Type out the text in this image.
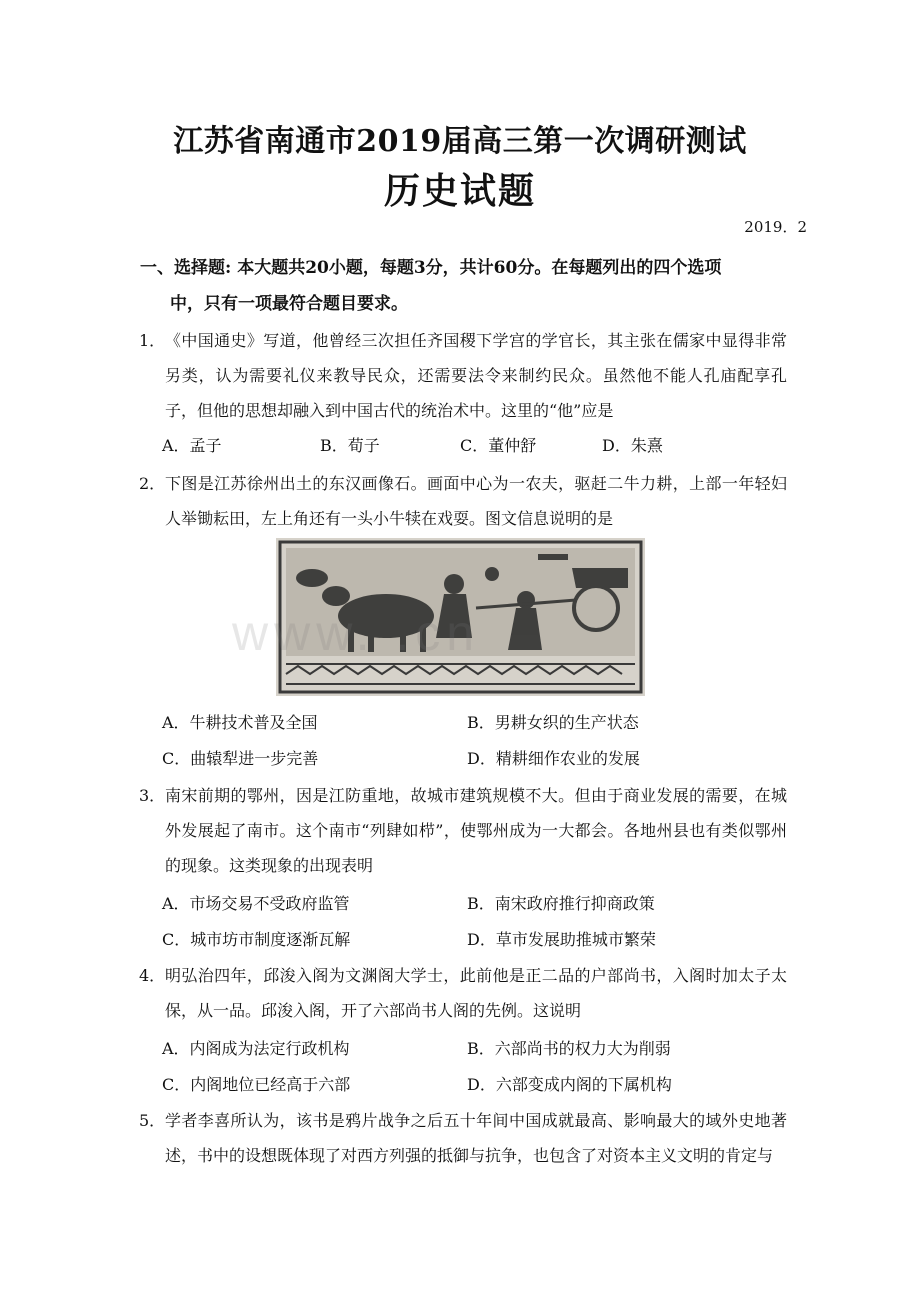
江苏省南通市2019届高三第一次调研测试
历史试题
2019．2
一、选择题: 本大题共20小题，每题3分，共计60分。在每题列出的四个选项
中，只有一项最符合题目要求。
1． 《中国通史》写道，他曾经三次担任齐国稷下学宫的学官长，其主张在儒家中显得非常另类，认为需要礼仪来教导民众，还需要法令来制约民众。虽然他不能人孔庙配享孔子，但他的思想却融入到中国古代的统治术中。这里的“他”应是
A．孟子	B．荀子	C．董仲舒	D．朱熹
2． 下图是江苏徐州出土的东汉画像石。画面中心为一农夫，驱赶二牛力耕，上部一年轻妇人举锄耘田，左上角还有一头小牛犊在戏耍。图文信息说明的是
www. .cn
A．牛耕技术普及全国	B．男耕女织的生产状态
C．曲辕犁进一步完善	D．精耕细作农业的发展
3． 南宋前期的鄂州，因是江防重地，故城市建筑规模不大。但由于商业发展的需要，在城外发展起了南市。这个南市“列肆如栉”，使鄂州成为一大都会。各地州县也有类似鄂州的现象。这类现象的出现表明
A．市场交易不受政府监管	B．南宋政府推行抑商政策
C．城市坊市制度逐渐瓦解	D．草市发展助推城市繁荣
4． 明弘治四年，邱浚入阁为文渊阁大学士，此前他是正二品的户部尚书，入阁时加太子太保，从一品。邱浚入阁，开了六部尚书人阁的先例。这说明
A．内阁成为法定行政机构	B．六部尚书的权力大为削弱
C．内阁地位已经高于六部	D．六部变成内阁的下属机构
5． 学者李喜所认为，该书是鸦片战争之后五十年间中国成就最高、影响最大的域外史地著述，书中的设想既体现了对西方列强的抵御与抗争，也包含了对资本主义文明的肯定与
